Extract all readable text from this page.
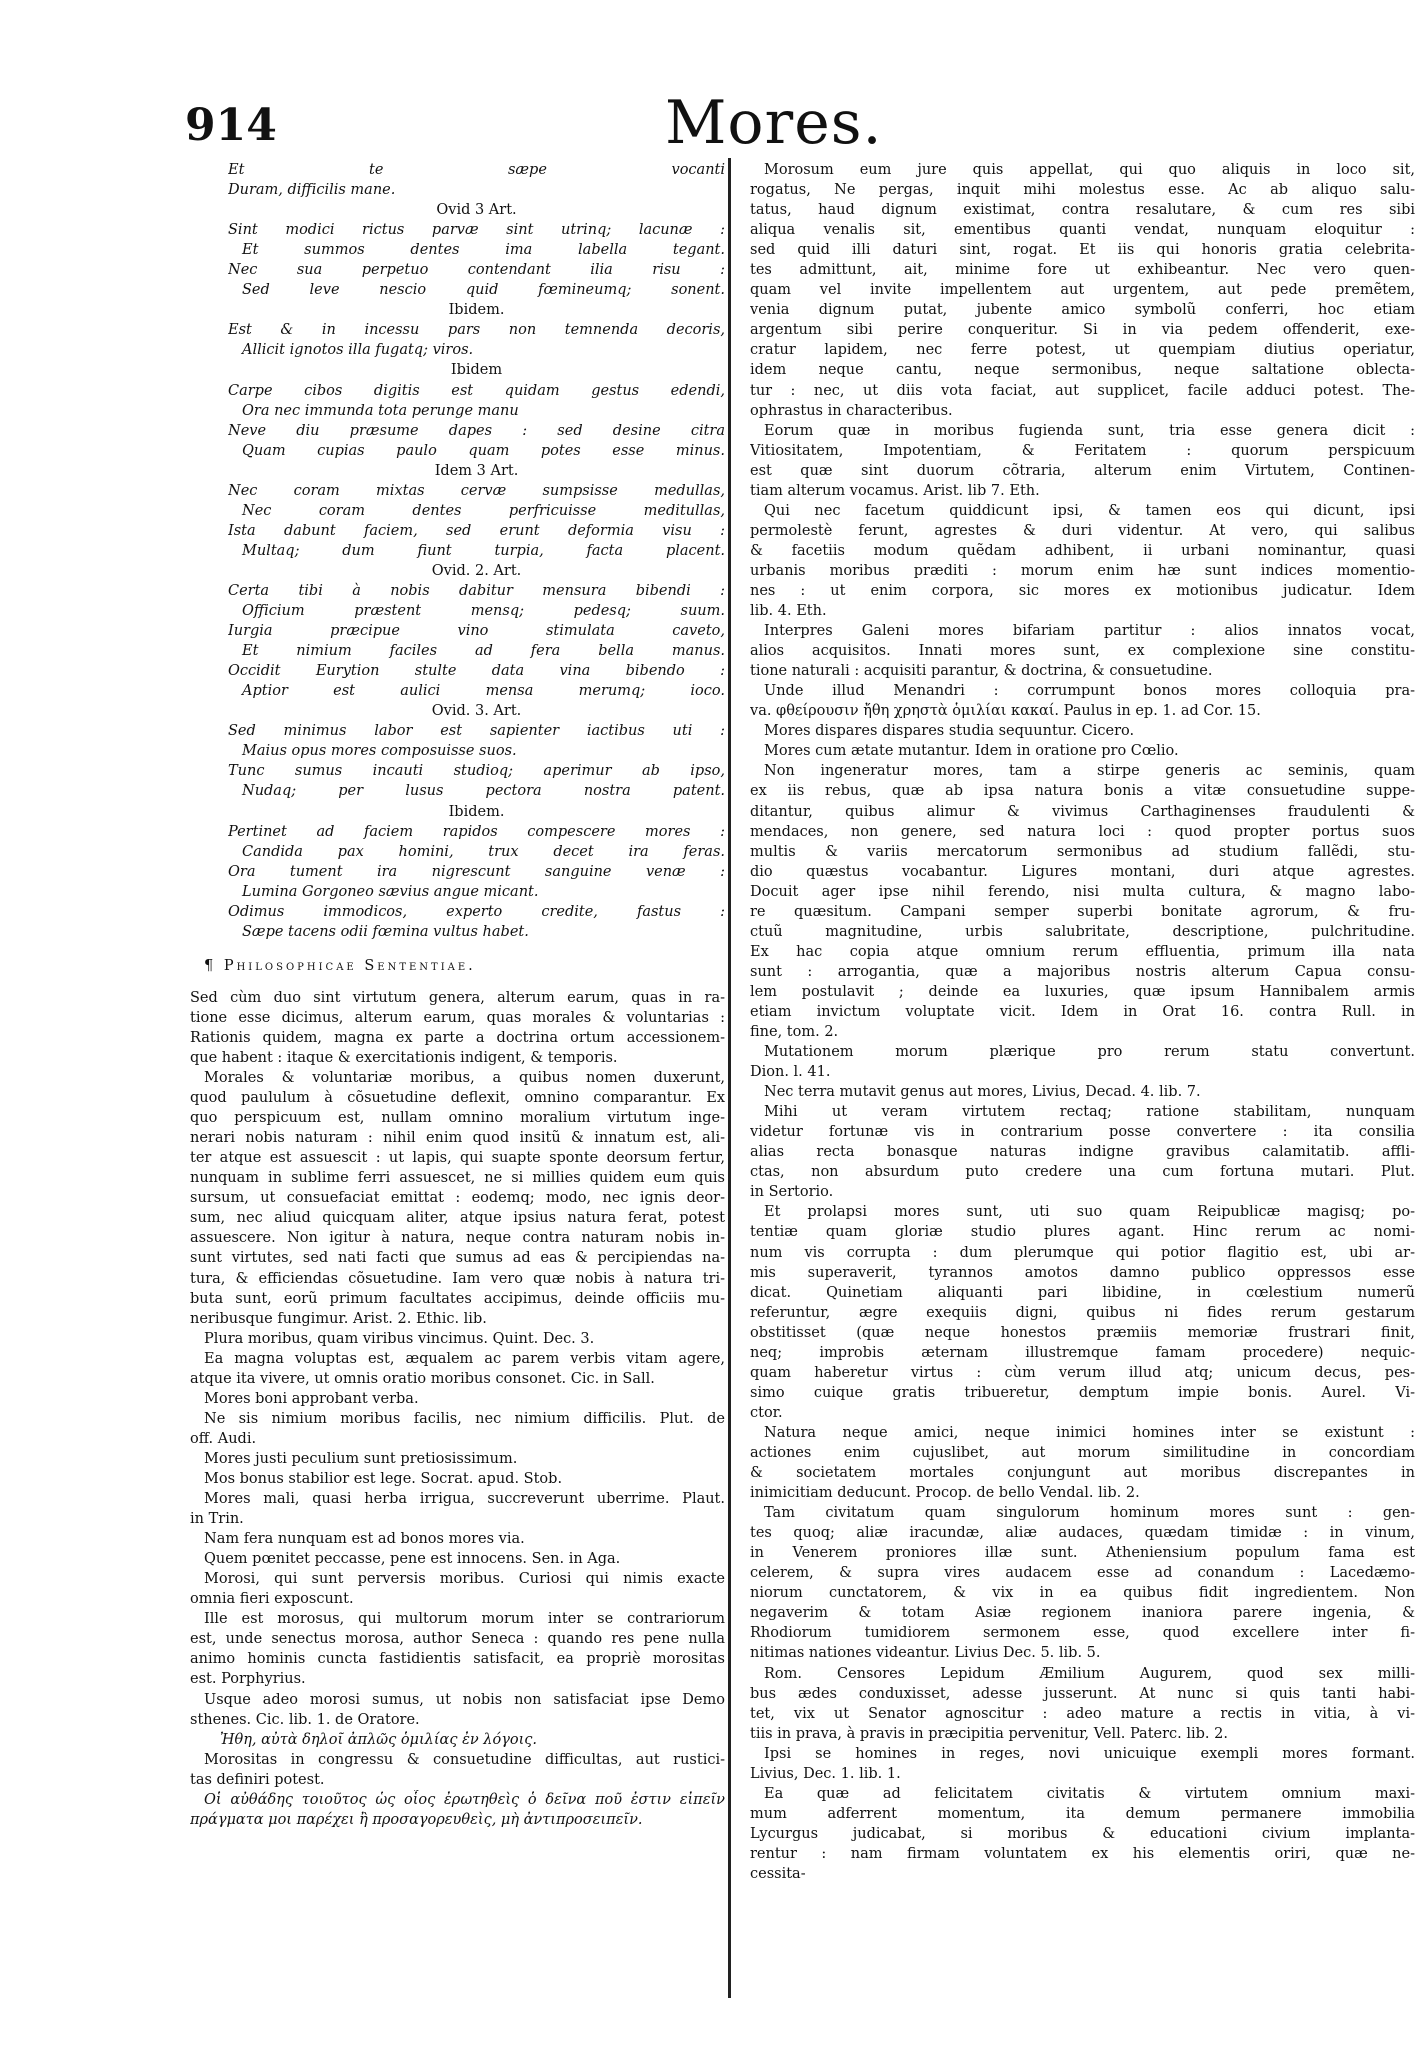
914	Mores.
Et te sæpe vocanti
Duram, difficilis mane.
Ovid 3 Art.
Sint modici rictus parvæ sint utrinq; lacunæ :
Et summos dentes ima labella tegant.
Nec sua perpetuo contendant ilia risu :
Sed leve nescio quid fœmineumq; sonent.
Ibidem.
Est & in incessu pars non temnenda decoris,
Allicit ignotos illa fugatq; viros.
Ibidem
Carpe cibos digitis est quidam gestus edendi,
Ora nec immunda tota perunge manu
Neve diu præsume dapes : sed desine citra
Quam cupias paulo quam potes esse minus.
Idem 3 Art.
Nec coram mixtas cervæ sumpsisse medullas,
Nec coram dentes perfricuisse meditullas,
Ista dabunt faciem, sed erunt deformia visu :
Multaq; dum fiunt turpia, facta placent.
Ovid. 2. Art.
Certa tibi à nobis dabitur mensura bibendi :
Officium præstent mensq; pedesq; suum.
Iurgia præcipue vino stimulata caveto,
Et nimium faciles ad fera bella manus.
Occidit Eurytion stulte data vina bibendo :
Aptior est aulici mensa merumq; ioco.
Ovid. 3. Art.
Sed minimus labor est sapienter iactibus uti :
Maius opus mores composuisse suos.
Tunc sumus incauti studioq; aperimur ab ipso,
Nudaq; per lusus pectora nostra patent.
Ibidem.
Pertinet ad faciem rapidos compescere mores :
Candida pax homini, trux decet ira feras.
Ora tument ira nigrescunt sanguine venæ :
Lumina Gorgoneo sævius angue micant.
Odimus immodicos, experto credite, fastus :
Sæpe tacens odii fœmina vultus habet.
¶ Philosophicae Sententiae.
Sed cùm duo sint virtutum genera, alterum earum, quas in ra-
tione esse dicimus, alterum earum, quas morales & voluntarias :
Rationis quidem, magna ex parte a doctrina ortum accessionem-
que habent : itaque & exercitationis indigent, & temporis.
Morales & voluntariæ moribus, a quibus nomen duxerunt,
quod paululum à cõsuetudine deflexit, omnino comparantur. Ex
quo perspicuum est, nullam omnino moralium virtutum inge-
nerari nobis naturam : nihil enim quod insitũ & innatum est, ali-
ter atque est assuescit : ut lapis, qui suapte sponte deorsum fertur,
nunquam in sublime ferri assuescet, ne si millies quidem eum quis
sursum, ut consuefaciat emittat : eodemq; modo, nec ignis deor-
sum, nec aliud quicquam aliter, atque ipsius natura ferat, potest
assuescere. Non igitur à natura, neque contra naturam nobis in-
sunt virtutes, sed nati facti que sumus ad eas & percipiendas na-
tura, & efficiendas cõsuetudine. Iam vero quæ nobis à natura tri-
buta sunt, eorũ primum facultates accipimus, deinde officiis mu-
neribusque fungimur. Arist. 2. Ethic. lib.
Plura moribus, quam viribus vincimus. Quint. Dec. 3.
Ea magna voluptas est, æqualem ac parem verbis vitam agere,
atque ita vivere, ut omnis oratio moribus consonet. Cic. in Sall.
Mores boni approbant verba.
Ne sis nimium moribus facilis, nec nimium difficilis. Plut. de
off. Audi.
Mores justi peculium sunt pretiosissimum.
Mos bonus stabilior est lege. Socrat. apud. Stob.
Mores mali, quasi herba irrigua, succreverunt uberrime. Plaut.
in Trin.
Nam fera nunquam est ad bonos mores via.
Quem pœnitet peccasse, pene est innocens. Sen. in Aga.
Morosi, qui sunt perversis moribus. Curiosi qui nimis exacte
omnia fieri exposcunt.
Ille est morosus, qui multorum morum inter se contrariorum
est, unde senectus morosa, author Seneca : quando res pene nulla
animo hominis cuncta fastidientis satisfacit, ea propriè morositas
est. Porphyrius.
Usque adeo morosi sumus, ut nobis non satisfaciat ipse Demo
sthenes. Cic. lib. 1. de Oratore.
Ἠθη, αὐτὰ δηλοῖ ἀπλῶς ὁμιλίας ἐν λόγοις.
Morositas in congressu & consuetudine difficultas, aut rustici-
tas definiri potest.
Οἱ αὐθάδης τοιοῦτος ὡς οἷος ἐρωτηθεὶς ὁ δεῖνα ποῦ ἐστιν εἰπεῖν
πράγματα μοι παρέχει ἢ προσαγορευθεὶς, μὴ ἀντιπροσειπεῖν.
Morosum eum jure quis appellat, qui quo aliquis in loco sit,
rogatus, Ne pergas, inquit mihi molestus esse. Ac ab aliquo salu-
tatus, haud dignum existimat, contra resalutare, & cum res sibi
aliqua venalis sit, ementibus quanti vendat, nunquam eloquitur :
sed quid illi daturi sint, rogat. Et iis qui honoris gratia celebrita-
tes admittunt, ait, minime fore ut exhibeantur. Nec vero quen-
quam vel invite impellentem aut urgentem, aut pede premẽtem,
venia dignum putat, jubente amico symbolũ conferri, hoc etiam
argentum sibi perire conqueritur. Si in via pedem offenderit, exe-
cratur lapidem, nec ferre potest, ut quempiam diutius operiatur,
idem neque cantu, neque sermonibus, neque saltatione oblecta-
tur : nec, ut diis vota faciat, aut supplicet, facile adduci potest. The-
ophrastus in characteribus.
Eorum quæ in moribus fugienda sunt, tria esse genera dicit :
Vitiositatem, Impotentiam, & Feritatem : quorum perspicuum
est quæ sint duorum cõtraria, alterum enim Virtutem, Continen-
tiam alterum vocamus. Arist. lib 7. Eth.
Qui nec facetum quiddicunt ipsi, & tamen eos qui dicunt, ipsi
permolestè ferunt, agrestes & duri videntur. At vero, qui salibus
& facetiis modum quẽdam adhibent, ii urbani nominantur, quasi
urbanis moribus præditi : morum enim hæ sunt indices momentio-
nes : ut enim corpora, sic mores ex motionibus judicatur. Idem
lib. 4. Eth.
Interpres Galeni mores bifariam partitur : alios innatos vocat,
alios acquisitos. Innati mores sunt, ex complexione sine constitu-
tione naturali : acquisiti parantur, & doctrina, & consuetudine.
Unde illud Menandri : corrumpunt bonos mores colloquia pra-
va. φθείρουσιν ἤθη χρηστὰ ὁμιλίαι κακαί. Paulus in ep. 1. ad Cor. 15.
Mores dispares dispares studia sequuntur. Cicero.
Mores cum ætate mutantur. Idem in oratione pro Cœlio.
Non ingeneratur mores, tam a stirpe generis ac seminis, quam
ex iis rebus, quæ ab ipsa natura bonis a vitæ consuetudine suppe-
ditantur, quibus alimur & vivimus Carthaginenses fraudulenti &
mendaces, non genere, sed natura loci : quod propter portus suos
multis & variis mercatorum sermonibus ad studium fallẽdi, stu-
dio quæstus vocabantur. Ligures montani, duri atque agrestes.
Docuit ager ipse nihil ferendo, nisi multa cultura, & magno labo-
re quæsitum. Campani semper superbi bonitate agrorum, & fru-
ctuũ magnitudine, urbis salubritate, descriptione, pulchritudine.
Ex hac copia atque omnium rerum effluentia, primum illa nata
sunt : arrogantia, quæ a majoribus nostris alterum Capua consu-
lem postulavit ; deinde ea luxuries, quæ ipsum Hannibalem armis
etiam invictum voluptate vicit. Idem in Orat 16. contra Rull. in
fine, tom. 2.
Mutationem morum plærique pro rerum statu convertunt.
Dion. l. 41.
Nec terra mutavit genus aut mores, Livius, Decad. 4. lib. 7.
Mihi ut veram virtutem rectaq; ratione stabilitam, nunquam
videtur fortunæ vis in contrarium posse convertere : ita consilia
alias recta bonasque naturas indigne gravibus calamitatib. affli-
ctas, non absurdum puto credere una cum fortuna mutari. Plut.
in Sertorio.
Et prolapsi mores sunt, uti suo quam Reipublicæ magisq; po-
tentiæ quam gloriæ studio plures agant. Hinc rerum ac nomi-
num vis corrupta : dum plerumque qui potior flagitio est, ubi ar-
mis superaverit, tyrannos amotos damno publico oppressos esse
dicat. Quinetiam aliquanti pari libidine, in cœlestium numerũ
referuntur, ægre exequiis digni, quibus ni fides rerum gestarum
obstitisset (quæ neque honestos præmiis memoriæ frustrari finit,
neq; improbis æternam illustremque famam procedere) nequic-
quam haberetur virtus : cùm verum illud atq; unicum decus, pes-
simo cuique gratis tribueretur, demptum impie bonis. Aurel. Vi-
ctor.
Natura neque amici, neque inimici homines inter se existunt :
actiones enim cujuslibet, aut morum similitudine in concordiam
& societatem mortales conjungunt aut moribus discrepantes in
inimicitiam deducunt. Procop. de bello Vendal. lib. 2.
Tam civitatum quam singulorum hominum mores sunt : gen-
tes quoq; aliæ iracundæ, aliæ audaces, quædam timidæ : in vinum,
in Venerem proniores illæ sunt. Atheniensium populum fama est
celerem, & supra vires audacem esse ad conandum : Lacedæmo-
niorum cunctatorem, & vix in ea quibus fidit ingredientem. Non
negaverim & totam Asiæ regionem inaniora parere ingenia, &
Rhodiorum tumidiorem sermonem esse, quod excellere inter fi-
nitimas nationes videantur. Livius Dec. 5. lib. 5.
Rom. Censores Lepidum Æmilium Augurem, quod sex milli-
bus ædes conduxisset, adesse jusserunt. At nunc si quis tanti habi-
tet, vix ut Senator agnoscitur : adeo mature a rectis in vitia, à vi-
tiis in prava, à pravis in præcipitia pervenitur, Vell. Paterc. lib. 2.
Ipsi se homines in reges, novi unicuique exempli mores formant.
Livius, Dec. 1. lib. 1.
Ea quæ ad felicitatem civitatis & virtutem omnium maxi-
mum adferrent momentum, ita demum permanere immobilia
Lycurgus judicabat, si moribus & educationi civium implanta-
rentur : nam firmam voluntatem ex his elementis oriri, quæ ne-
cessita-
